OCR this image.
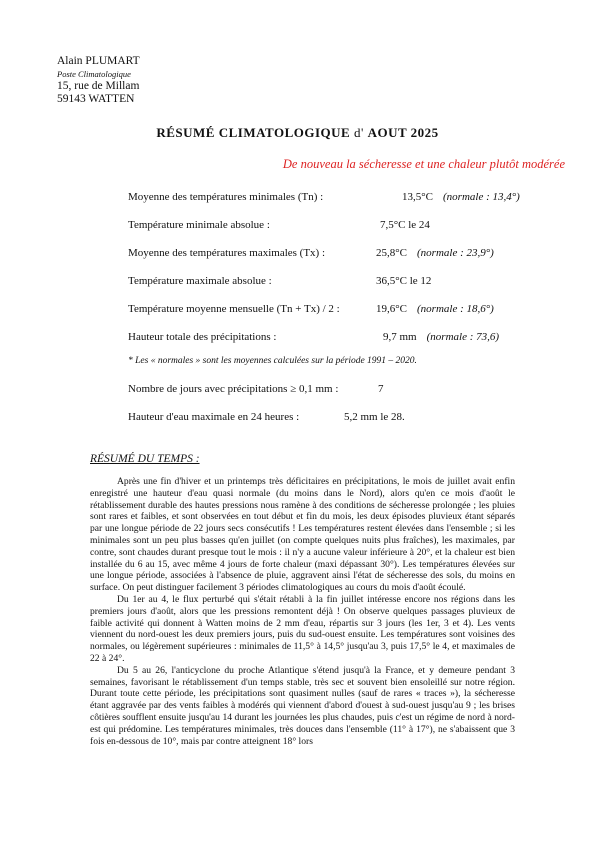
Alain PLUMART
Poste Climatologique
15, rue de Millam
59143 WATTEN
RÉSUMÉ CLIMATOLOGIQUE d' AOUT 2025
De nouveau la sécheresse et une chaleur plutôt modérée
Moyenne des températures minimales (Tn) :	13,5°C (normale : 13,4°)
Température minimale absolue :	7,5°C le 24
Moyenne des températures maximales (Tx) :	25,8°C (normale : 23,9°)
Température maximale absolue :	36,5°C le 12
Température moyenne mensuelle (Tn + Tx) / 2 :	19,6°C (normale : 18,6°)
Hauteur totale des précipitations :	9,7 mm (normale : 73,6)
* Les « normales » sont les moyennes calculées sur la période 1991 – 2020.
Nombre de jours avec précipitations ≥ 0,1 mm :	7
Hauteur d'eau maximale en 24 heures :	5,2 mm le 28.
RÉSUMÉ DU TEMPS :

Après une fin d'hiver et un printemps très déficitaires en précipitations, le mois de juillet avait enfin enregistré une hauteur d'eau quasi normale (du moins dans le Nord), alors qu'en ce mois d'août le rétablissement durable des hautes pressions nous ramène à des conditions de sécheresse prolongée ; les pluies sont rares et faibles, et sont observées en tout début et fin du mois, les deux épisodes pluvieux étant séparés par une longue période de 22 jours secs consécutifs ! Les températures restent élevées dans l'ensemble ; si les minimales sont un peu plus basses qu'en juillet (on compte quelques nuits plus fraîches), les maximales, par contre, sont chaudes durant presque tout le mois : il n'y a aucune valeur inférieure à 20°, et la chaleur est bien installée du 6 au 15, avec même 4 jours de forte chaleur (maxi dépassant 30°). Les températures élevées sur une longue période, associées à l'absence de pluie, aggravent ainsi l'état de sécheresse des sols, du moins en surface. On peut distinguer facilement 3 périodes climatologiques au cours du mois d'août écoulé.

Du 1er au 4, le flux perturbé qui s'était rétabli à la fin juillet intéresse encore nos régions dans les premiers jours d'août, alors que les pressions remontent déjà ! On observe quelques passages pluvieux de faible activité qui donnent à Watten moins de 2 mm d'eau, répartis sur 3 jours (les 1er, 3 et 4). Les vents viennent du nord-ouest les deux premiers jours, puis du sud-ouest ensuite. Les températures sont voisines des normales, ou légèrement supérieures : minimales de 11,5° à 14,5° jusqu'au 3, puis 17,5° le 4, et maximales de 22 à 24°.

Du 5 au 26, l'anticyclone du proche Atlantique s'étend jusqu'à la France, et y demeure pendant 3 semaines, favorisant le rétablissement d'un temps stable, très sec et souvent bien ensoleillé sur notre région. Durant toute cette période, les précipitations sont quasiment nulles (sauf de rares « traces »), la sécheresse étant aggravée par des vents faibles à modérés qui viennent d'abord d'ouest à sud-ouest jusqu'au 9 ; les brises côtières soufflent ensuite jusqu'au 14 durant les journées les plus chaudes, puis c'est un régime de nord à nord-est qui prédomine. Les températures minimales, très douces dans l'ensemble (11° à 17°), ne s'abaissent que 3 fois en-dessous de 10°, mais par contre atteignent 18° lors
